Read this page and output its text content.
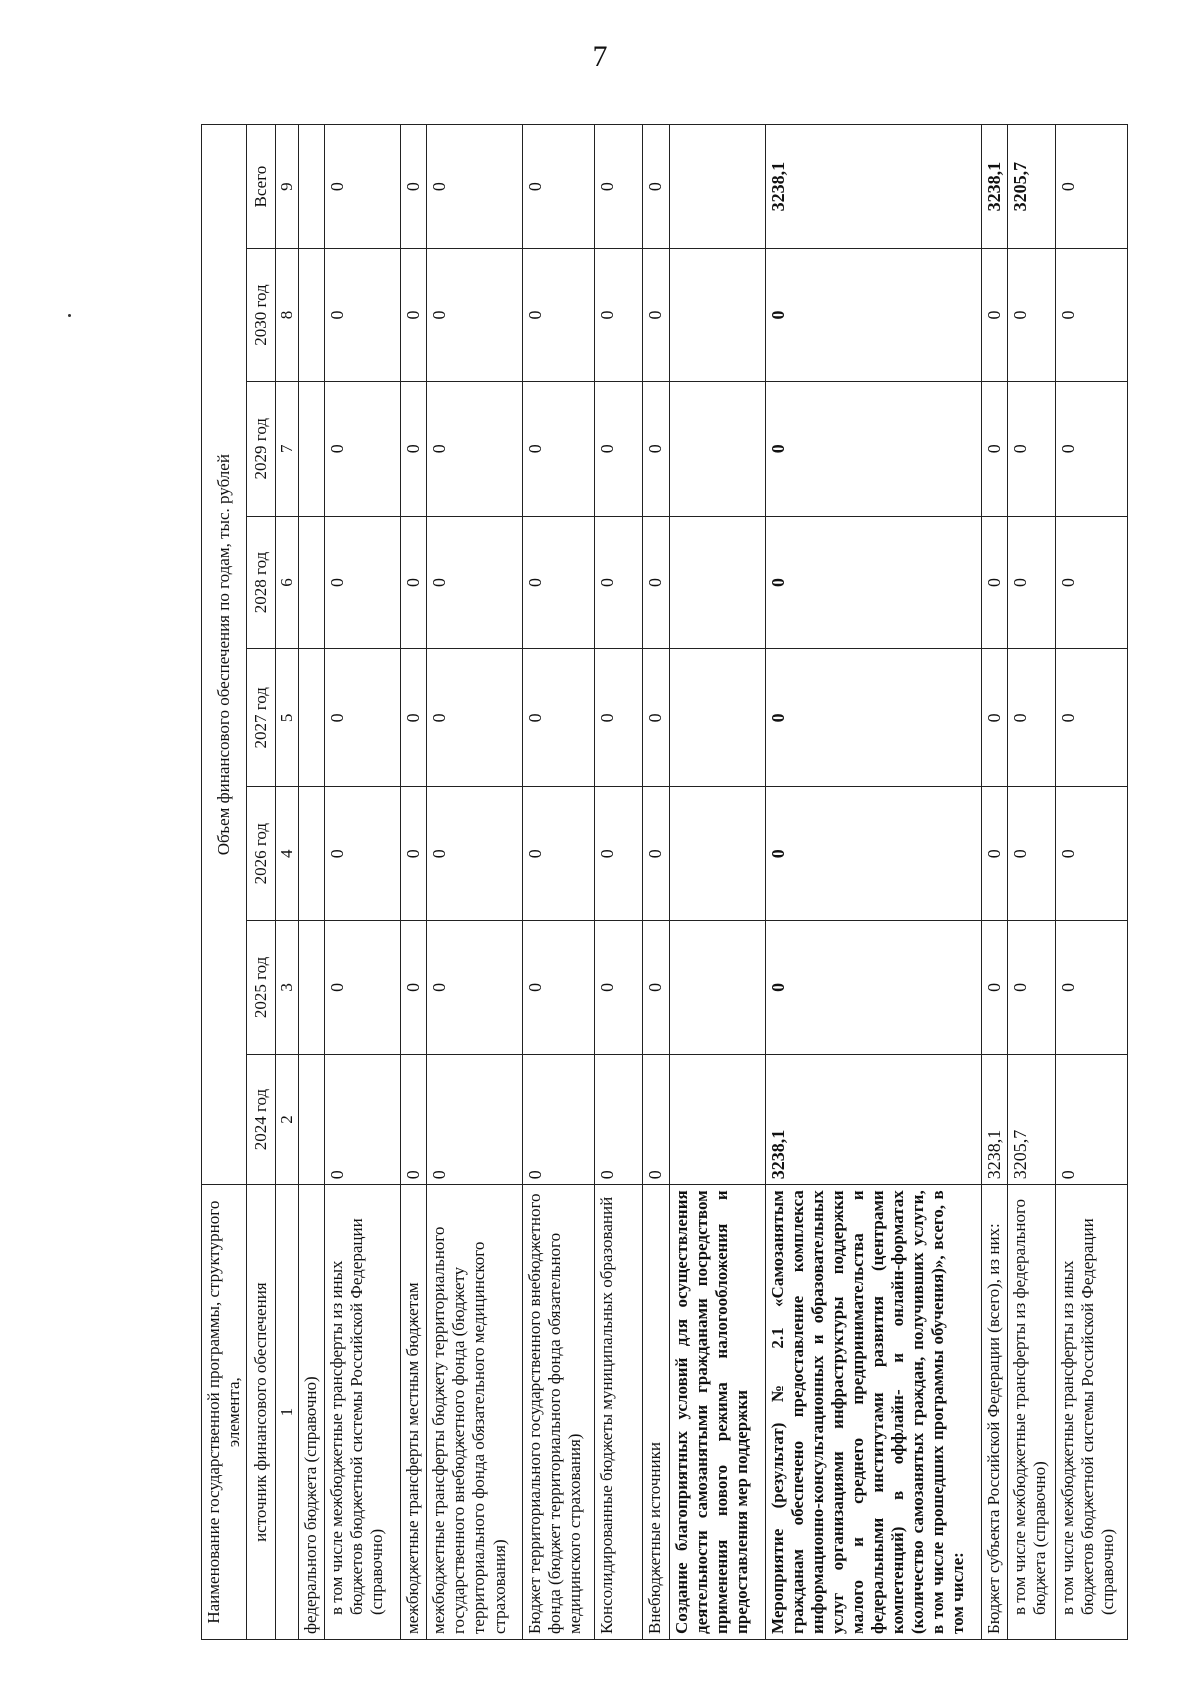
7
Наименование государственной программы, структурного элемента,	Объем финансового обеспечения по годам, тыс. рублей							
источник финансового обеспечения	2024 год	2025 год	2026 год	2027 год	2028 год	2029 год	2030 год	Всего
1	2	3	4	5	6	7	8	9
федерального бюджета (справочно)								
в том числе межбюджетные трансферты из иных бюджетов бюджетной системы Российской Федерации (справочно)	0	0	0	0	0	0	0	0
межбюджетные трансферты местным бюджетам	0	0	0	0	0	0	0	0
межбюджетные трансферты бюджету территориального государственного внебюджетного фонда (бюджету территориального фонда обязательного медицинского страхования)	0	0	0	0	0	0	0	0
Бюджет территориального государственного внебюджетного фонда (бюджет территориального фонда обязательного медицинского страхования)	0	0	0	0	0	0	0	0
Консолидированные бюджеты муниципальных образований	0	0	0	0	0	0	0	0
Внебюджетные источники	0	0	0	0	0	0	0	0
Создание благоприятных условий для осуществления деятельности самозанятыми гражданами посредством применения нового режима налогообложения и предоставления мер поддержки								
Мероприятие (результат) № 2.1 «Самозанятым гражданам обеспечено предоставление комплекса информационно-консультационных и образовательных услуг организациями инфраструктуры поддержки малого и среднего предпринимательства и федеральными институтами развития (центрами компетенций) в оффлайн- и онлайн-форматах (количество самозанятых граждан, получивших услуги, в том числе прошедших программы обучения)», всего, в том числе:	3238,1	0	0	0	0	0	0	3238,1
Бюджет субъекта Российской Федерации (всего), из них:	3238,1	0	0	0	0	0	0	3238,1
в том числе межбюджетные трансферты из федерального бюджета (справочно)	3205,7	0	0	0	0	0	0	3205,7
в том числе межбюджетные трансферты из иных бюджетов бюджетной системы Российской Федерации (справочно)	0	0	0	0	0	0	0	0
